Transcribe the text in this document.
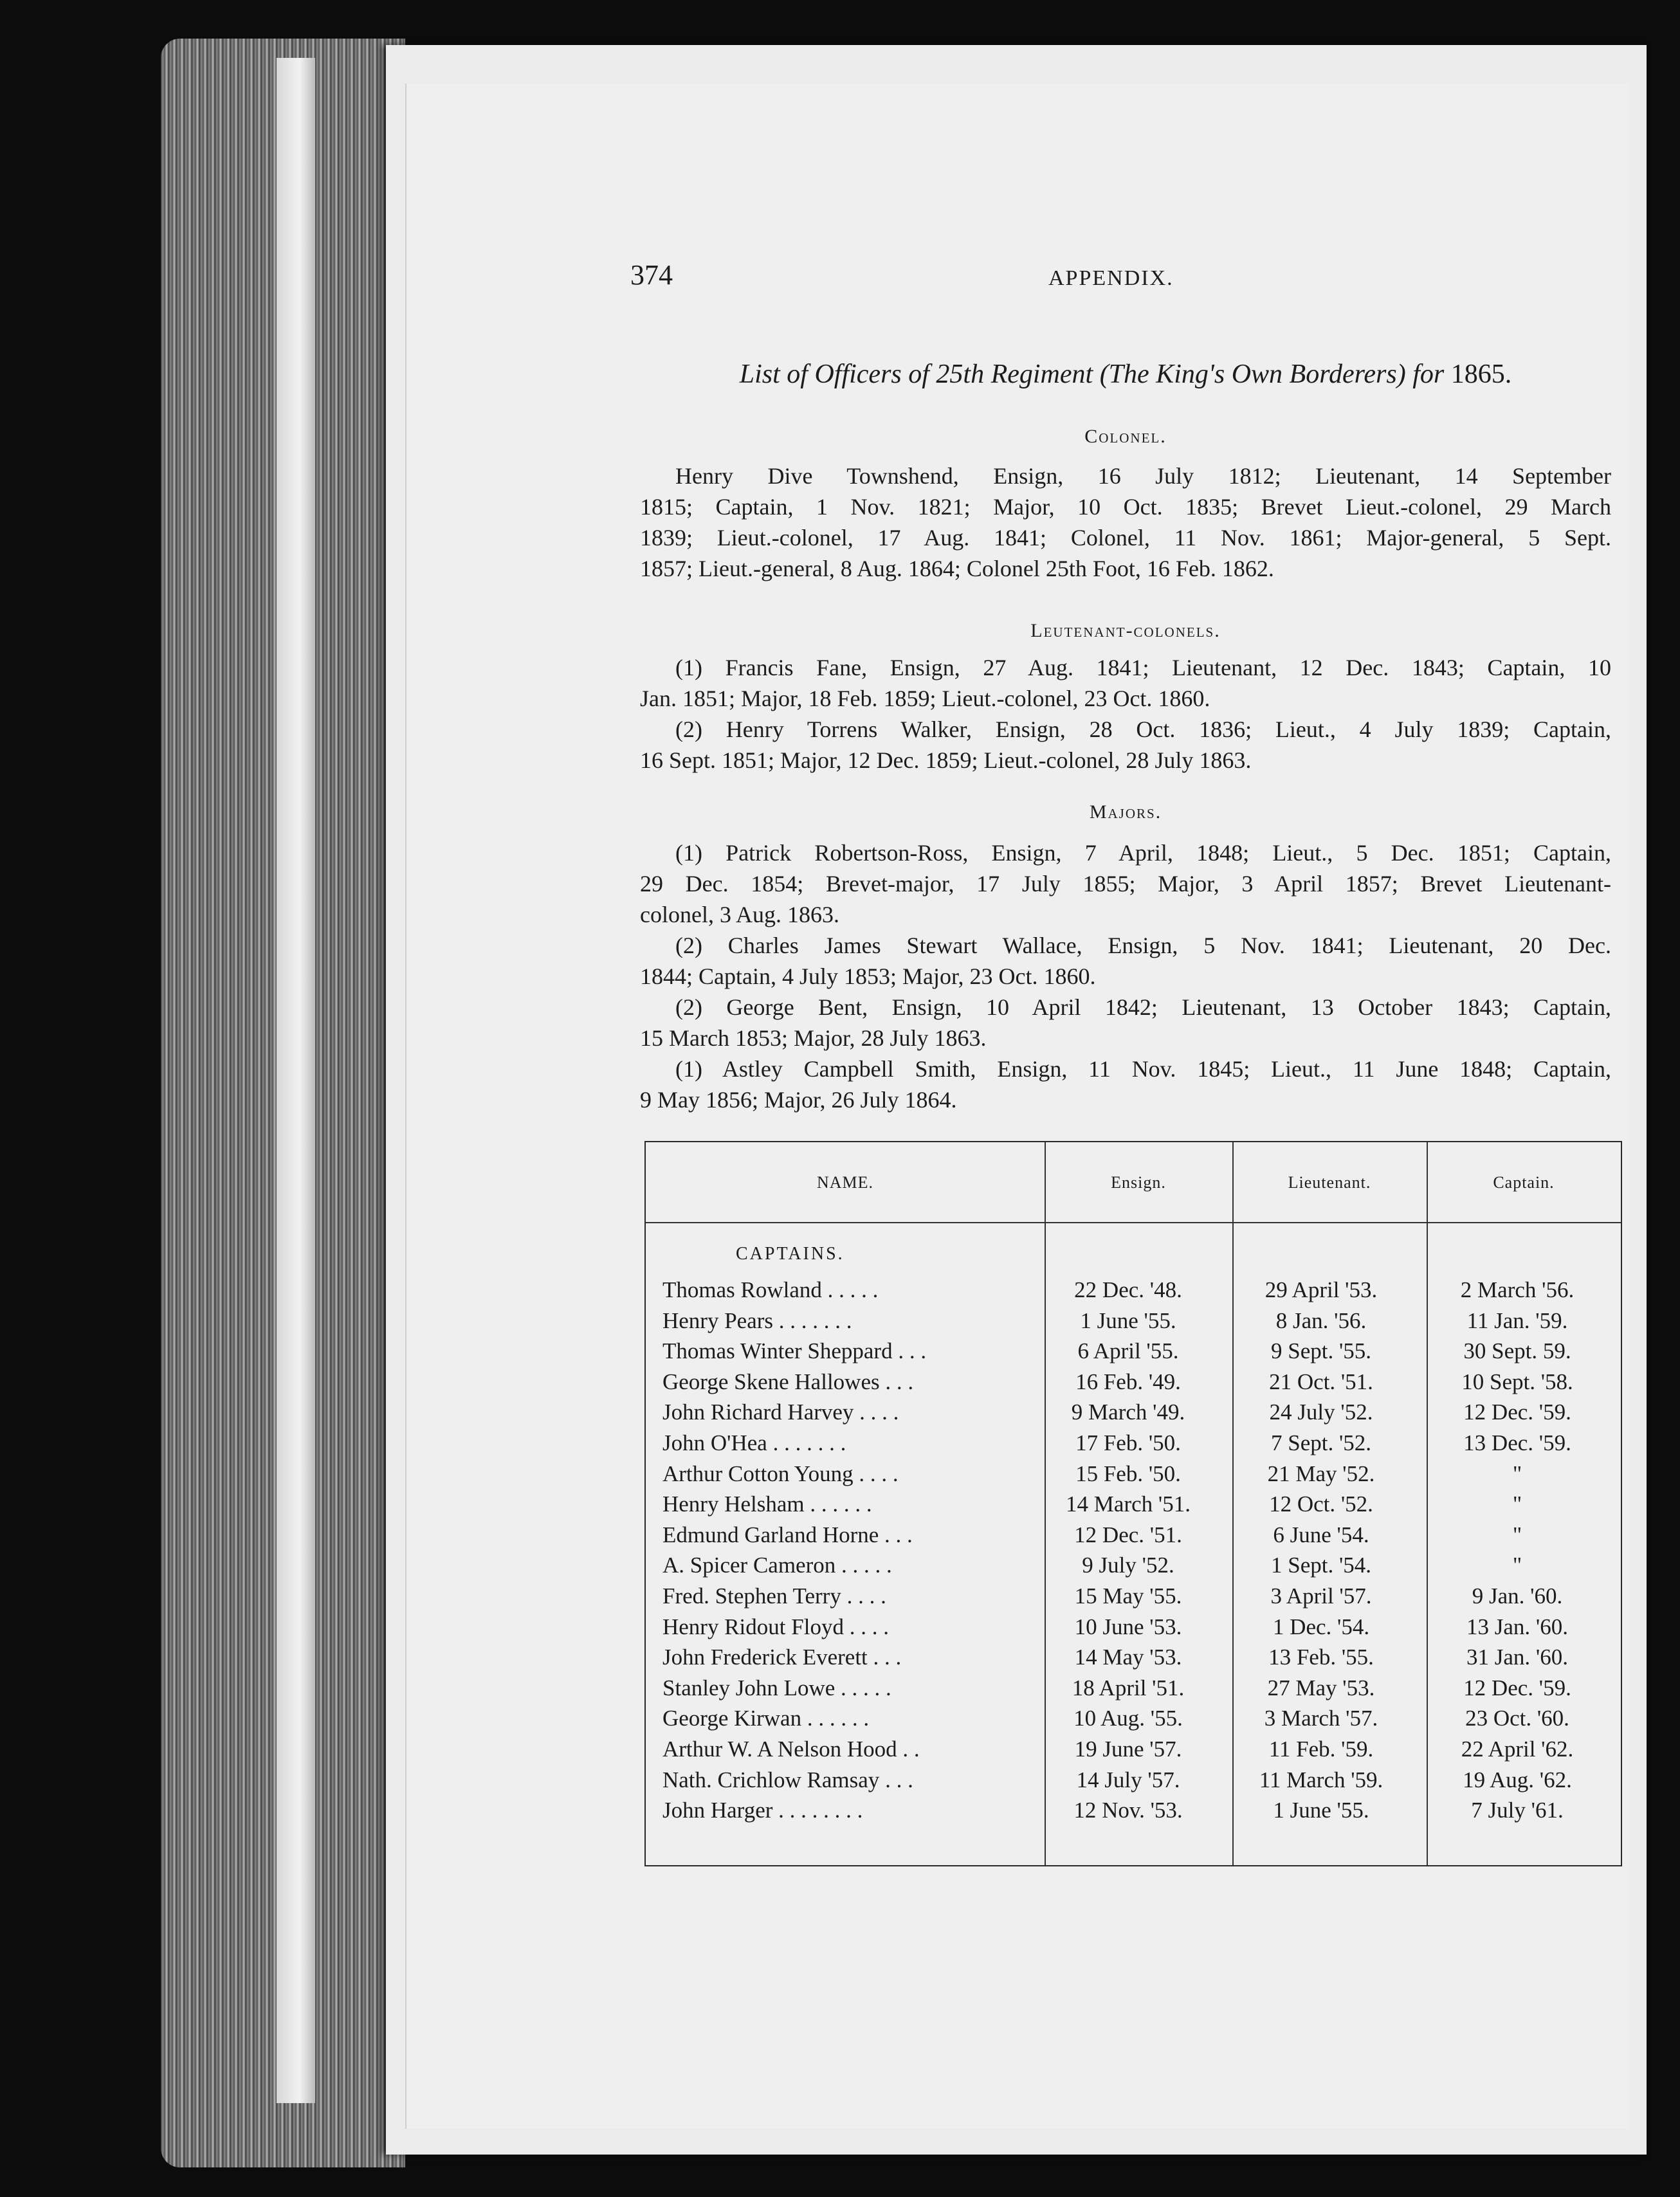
374	APPENDIX.
List of Officers of 25th Regiment (The King's Own Borderers) for 1865.
Colonel.
Henry Dive Townshend, Ensign, 16 July 1812; Lieutenant, 14 September
1815; Captain, 1 Nov. 1821; Major, 10 Oct. 1835; Brevet Lieut.-colonel, 29 March
1839; Lieut.-colonel, 17 Aug. 1841; Colonel, 11 Nov. 1861; Major-general, 5 Sept.
1857; Lieut.-general, 8 Aug. 1864; Colonel 25th Foot, 16 Feb. 1862.
Leutenant-colonels.
(1) Francis Fane, Ensign, 27 Aug. 1841; Lieutenant, 12 Dec. 1843; Captain, 10
Jan. 1851; Major, 18 Feb. 1859; Lieut.-colonel, 23 Oct. 1860.
(2) Henry Torrens Walker, Ensign, 28 Oct. 1836; Lieut., 4 July 1839; Captain,
16 Sept. 1851; Major, 12 Dec. 1859; Lieut.-colonel, 28 July 1863.
Majors.
(1) Patrick Robertson-Ross, Ensign, 7 April, 1848; Lieut., 5 Dec. 1851; Captain,
29 Dec. 1854; Brevet-major, 17 July 1855; Major, 3 April 1857; Brevet Lieutenant-
colonel, 3 Aug. 1863.
(2) Charles James Stewart Wallace, Ensign, 5 Nov. 1841; Lieutenant, 20 Dec.
1844; Captain, 4 July 1853; Major, 23 Oct. 1860.
(2) George Bent, Ensign, 10 April 1842; Lieutenant, 13 October 1843; Captain,
15 March 1853; Major, 28 July 1863.
(1) Astley Campbell Smith, Ensign, 11 Nov. 1845; Lieut., 11 June 1848; Captain,
9 May 1856; Major, 26 July 1864.
NAME.	Ensign.	Lieutenant.	Captain.
CAPTAINS.
Thomas Rowland . . . . .	22 Dec. '48.	29 April '53.	2 March '56.
Henry Pears . . . . . . .	1 June '55.	8 Jan. '56.	11 Jan. '59.
Thomas Winter Sheppard . . .	6 April '55.	9 Sept. '55.	30 Sept. 59.
George Skene Hallowes . . .	16 Feb. '49.	21 Oct. '51.	10 Sept. '58.
John Richard Harvey . . . .	9 March '49.	24 July '52.	12 Dec. '59.
John O'Hea . . . . . . .	17 Feb. '50.	7 Sept. '52.	13 Dec. '59.
Arthur Cotton Young . . . .	15 Feb. '50.	21 May '52.	"
Henry Helsham . . . . . .	14 March '51.	12 Oct. '52.	"
Edmund Garland Horne . . .	12 Dec. '51.	6 June '54.	"
A. Spicer Cameron . . . . .	9 July '52.	1 Sept. '54.	"
Fred. Stephen Terry . . . .	15 May '55.	3 April '57.	9 Jan. '60.
Henry Ridout Floyd . . . .	10 June '53.	1 Dec. '54.	13 Jan. '60.
John Frederick Everett . . .	14 May '53.	13 Feb. '55.	31 Jan. '60.
Stanley John Lowe . . . . .	18 April '51.	27 May '53.	12 Dec. '59.
George Kirwan . . . . . .	10 Aug. '55.	3 March '57.	23 Oct. '60.
Arthur W. A Nelson Hood . .	19 June '57.	11 Feb. '59.	22 April '62.
Nath. Crichlow Ramsay . . .	14 July '57.	11 March '59.	19 Aug. '62.
John Harger . . . . . . . .	12 Nov. '53.	1 June '55.	7 July '61.
